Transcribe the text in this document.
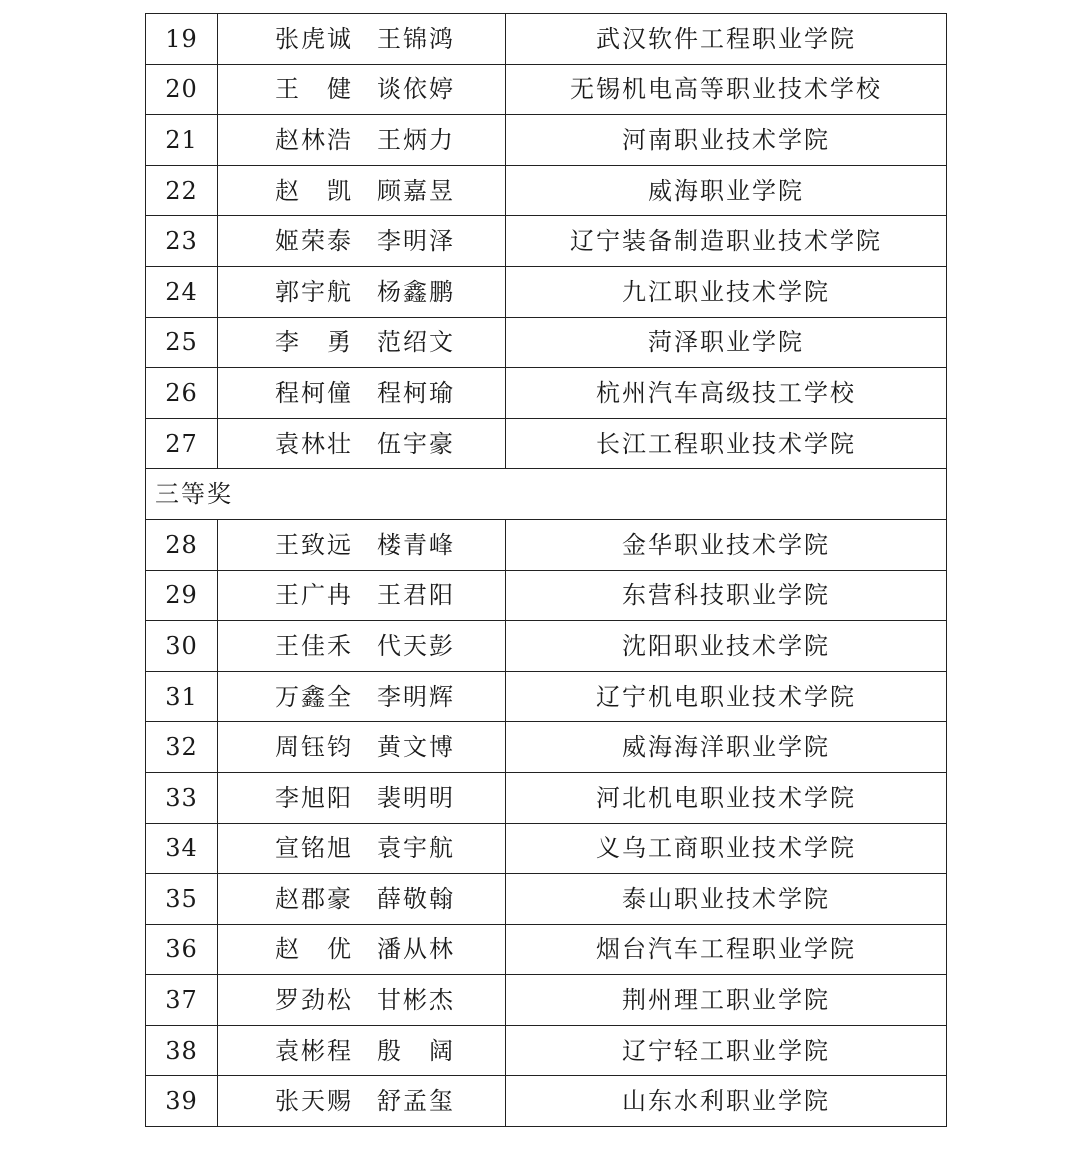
19	张虎诚 王锦鸿	武汉软件工程职业学院
20	王　健 谈依婷	无锡机电高等职业技术学校
21	赵林浩 王炳力	河南职业技术学院
22	赵　凯 顾嘉昱	威海职业学院
23	姬荣泰 李明泽	辽宁装备制造职业技术学院
24	郭宇航 杨鑫鹏	九江职业技术学院
25	李　勇 范绍文	菏泽职业学院
26	程柯僮 程柯瑜	杭州汽车高级技工学校
27	袁林壮 伍宇豪	长江工程职业技术学院
三等奖		
28	王致远 楼青峰	金华职业技术学院
29	王广冉 王君阳	东营科技职业学院
30	王佳禾 代天彭	沈阳职业技术学院
31	万鑫全 李明辉	辽宁机电职业技术学院
32	周钰钧 黄文博	威海海洋职业学院
33	李旭阳 裴明明	河北机电职业技术学院
34	宣铭旭 袁宇航	义乌工商职业技术学院
35	赵郡豪 薛敬翰	泰山职业技术学院
36	赵　优 潘从林	烟台汽车工程职业学院
37	罗劲松 甘彬杰	荆州理工职业学院
38	袁彬程 殷　阔	辽宁轻工职业学院
39	张天赐 舒孟玺	山东水利职业学院
